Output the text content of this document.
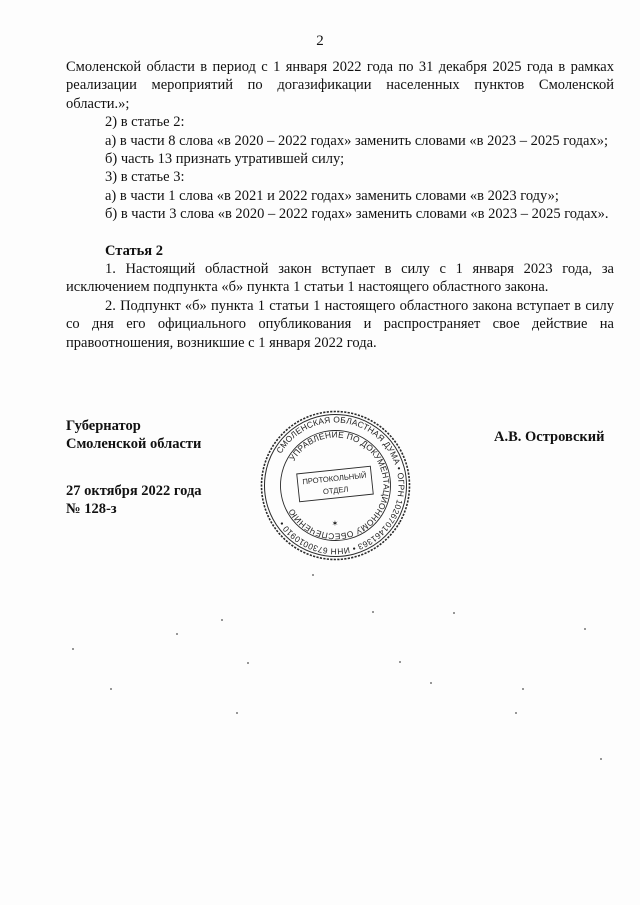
2

Смоленской области в период с 1 января 2022 года по 31 декабря 2025 года в рамках реализации мероприятий по догазификации населенных пунктов Смоленской области.»;

2) в статье 2:

а) в части 8 слова «в 2020 – 2022 годах» заменить словами «в 2023 – 2025 годах»;

б) часть 13 признать утратившей силу;

3) в статье 3:

а) в части 1 слова «в 2021 и 2022 годах» заменить словами «в 2023 году»;

б) в части 3 слова «в 2020 – 2022 годах» заменить словами «в 2023 – 2025 годах».

Статья 2

1. Настоящий областной закон вступает в силу с 1 января 2023 года, за исключением подпункта «б» пункта 1 статьи 1 настоящего областного закона.

2. Подпункт «б» пункта 1 статьи 1 настоящего областного закона вступает в силу со дня его официального опубликования и распространяет свое действие на правоотношения, возникшие с 1 января 2022 года.

Губернатор
Смоленской области
27 октября 2022 года
№ 128-з
А.В. Островский
СМОЛЕНСКАЯ ОБЛАСТНАЯ ДУМА • ОГРН 1026701461363 • ИНН 6730010910 •
УПРАВЛЕНИЕ ПО ДОКУМЕНТАЦИОННОМУ ОБЕСПЕЧЕНИЮ
ПРОТОКОЛЬНЫЙ
ОТДЕЛ
✶
